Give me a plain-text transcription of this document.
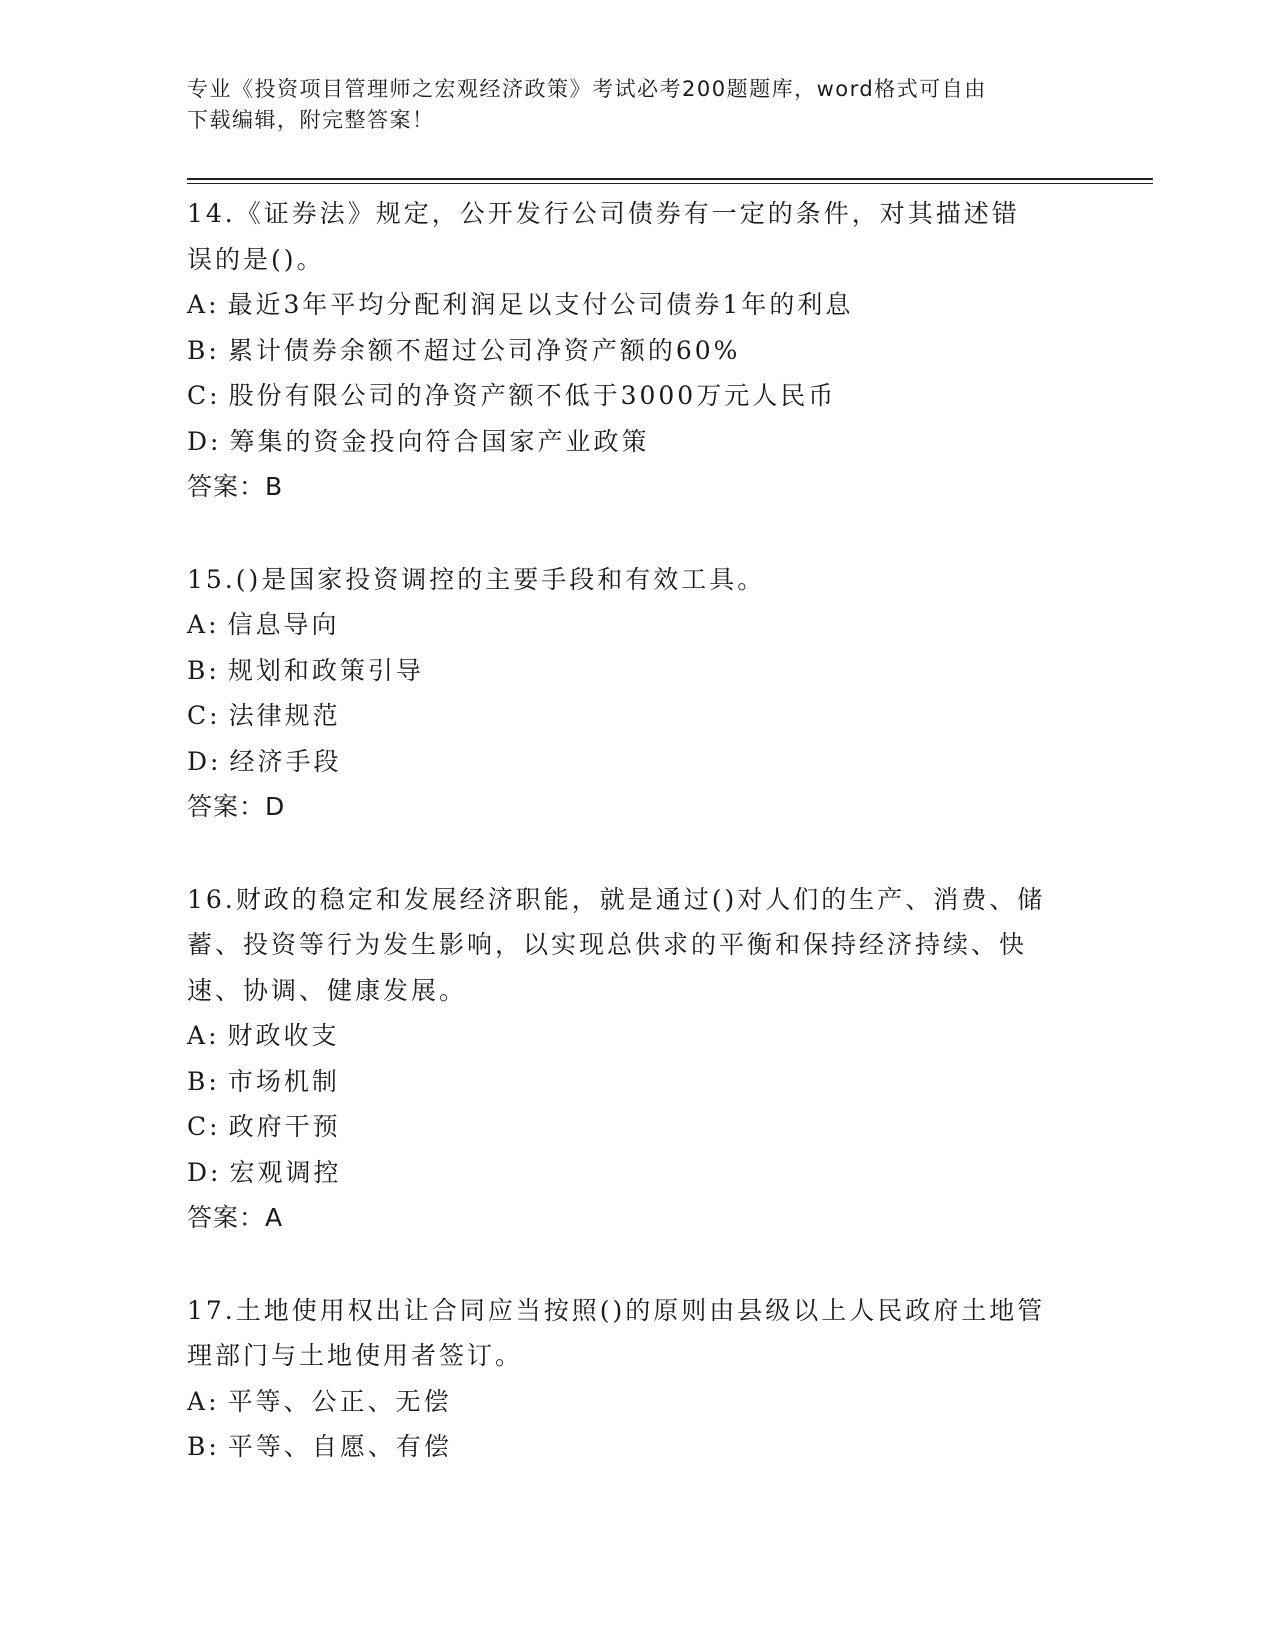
专业《投资项目管理师之宏观经济政策》考试必考200题题库，word格式可自由
下载编辑，附完整答案！
14.《证券法》规定，公开发行公司债券有一定的条件，对其描述错误的是()。
A: 最近3年平均分配利润足以支付公司债券1年的利息
B: 累计债券余额不超过公司净资产额的60%
C: 股份有限公司的净资产额不低于3000万元人民币
D: 筹集的资金投向符合国家产业政策
答案：B
15.()是国家投资调控的主要手段和有效工具。
A: 信息导向
B: 规划和政策引导
C: 法律规范
D: 经济手段
答案：D
16.财政的稳定和发展经济职能，就是通过()对人们的生产、消费、储蓄、投资等行为发生影响，以实现总供求的平衡和保持经济持续、快速、协调、健康发展。
A: 财政收支
B: 市场机制
C: 政府干预
D: 宏观调控
答案：A
17.土地使用权出让合同应当按照()的原则由县级以上人民政府土地管理部门与土地使用者签订。
A: 平等、公正、无偿
B: 平等、自愿、有偿
